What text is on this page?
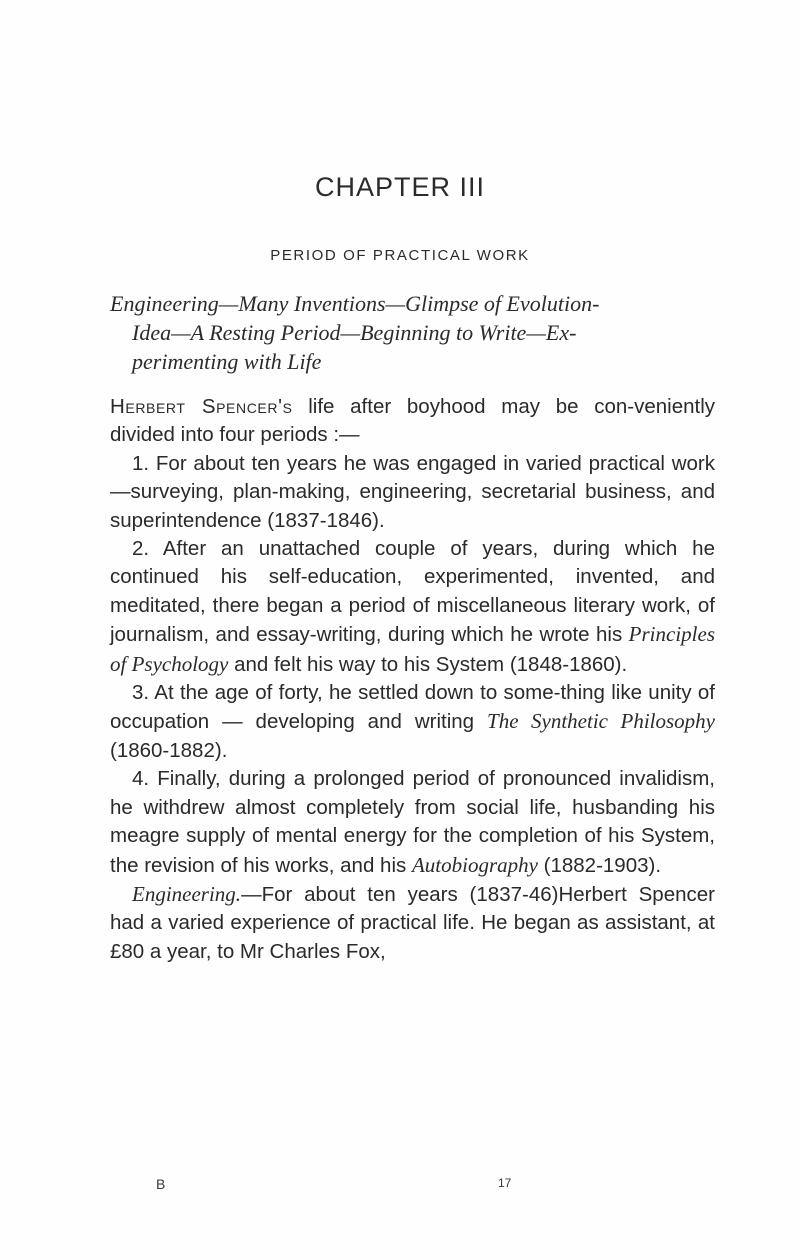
CHAPTER III
PERIOD OF PRACTICAL WORK
Engineering—Many Inventions—Glimpse of Evolution-
Idea—A Resting Period—Beginning to Write—Ex-
perimenting with Life

Herbert Spencer's life after boyhood may be con-veniently divided into four periods :—

1. For about ten years he was engaged in varied practical work—surveying, plan-making, engineering, secretarial business, and superintendence (1837-1846).

2. After an unattached couple of years, during which he continued his self-education, experimented, invented, and meditated, there began a period of miscellaneous literary work, of journalism, and essay-writing, during which he wrote his Principles of Psychology and felt his way to his System (1848-1860).

3. At the age of forty, he settled down to some-thing like unity of occupation — developing and writing The Synthetic Philosophy (1860-1882).

4. Finally, during a prolonged period of pronounced invalidism, he withdrew almost completely from social life, husbanding his meagre supply of mental energy for the completion of his System, the revision of his works, and his Autobiography (1882-1903).

Engineering.—For about ten years (1837-46)Herbert Spencer had a varied experience of practical life. He began as assistant, at £80 a year, to Mr Charles Fox,

B	17
